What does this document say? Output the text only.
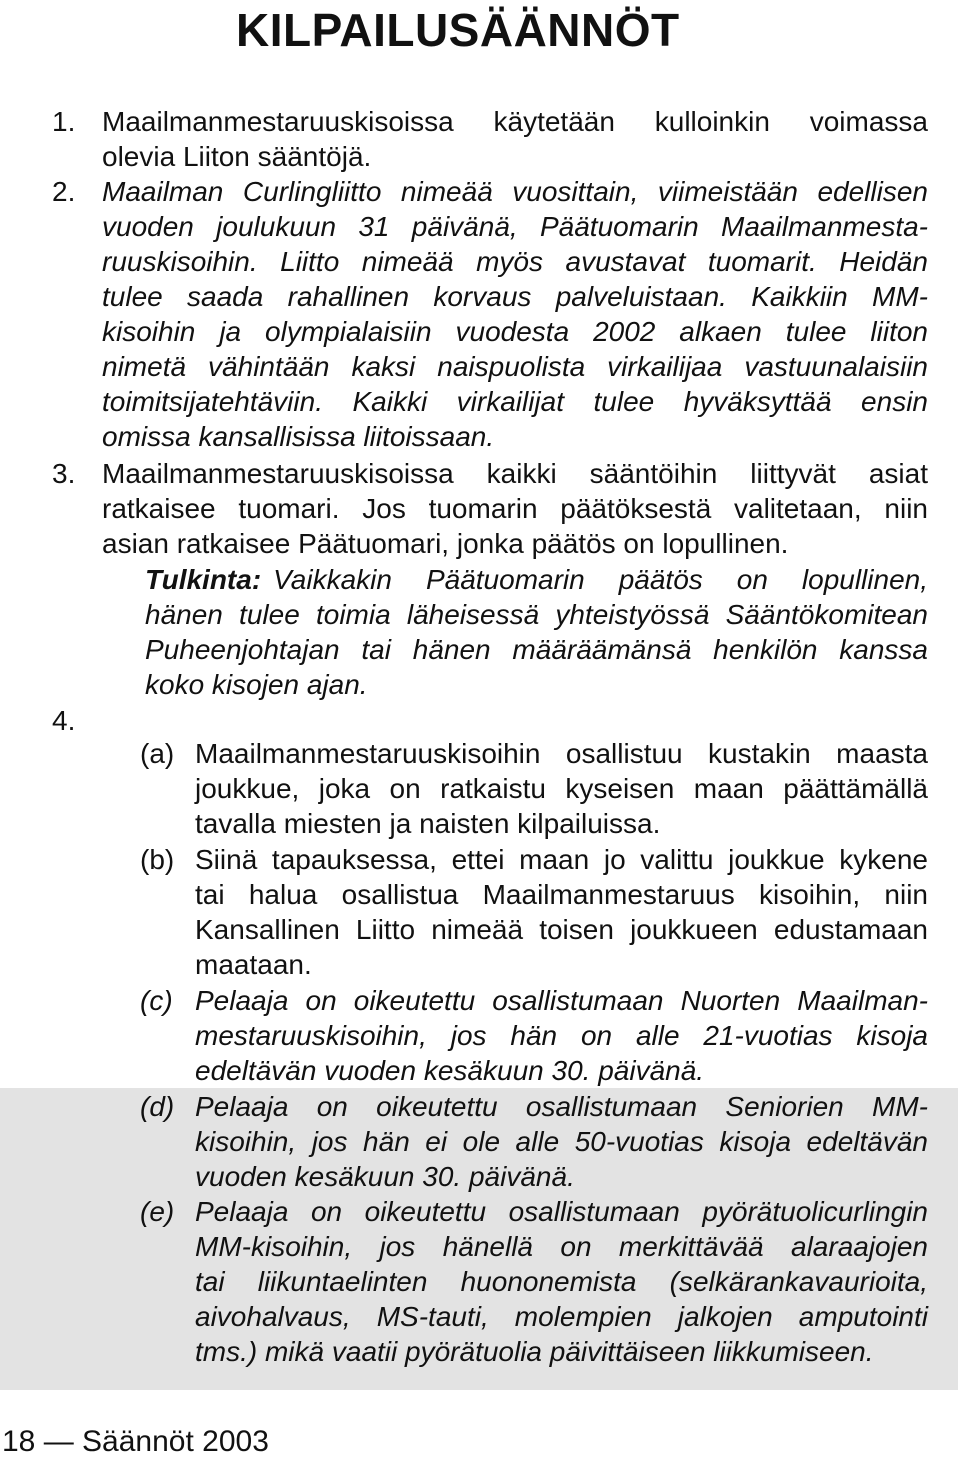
KILPAILUSÄÄNNÖT
1. Maailmanmestaruuskisoissa käytetään kulloinkin voimassa
olevia Liiton sääntöjä.
2. Maailman Curlingliitto nimeää vuosittain, viimeistään edellisen
vuoden joulukuun 31 päivänä, Päätuomarin Maailmanmesta-
ruuskisoihin. Liitto nimeää myös avustavat tuomarit. Heidän
tulee saada rahallinen korvaus palveluistaan. Kaikkiin MM-
kisoihin ja olympialaisiin vuodesta 2002 alkaen tulee liiton
nimetä vähintään kaksi naispuolista virkailijaa vastuunalaisiin
toimitsijatehtäviin. Kaikki virkailijat tulee hyväksyttää ensin
omissa kansallisissa liitoissaan.
3. Maailmanmestaruuskisoissa kaikki sääntöihin liittyvät asiat
ratkaisee tuomari. Jos tuomarin päätöksestä valitetaan, niin
asian ratkaisee Päätuomari, jonka päätös on lopullinen.
Tulkinta: Vaikkakin Päätuomarin päätös on lopullinen,
hänen tulee toimia läheisessä yhteistyössä Sääntökomitean
Puheenjohtajan tai hänen määräämänsä henkilön kanssa
koko kisojen ajan.
4.
(a) Maailmanmestaruuskisoihin osallistuu kustakin maasta
joukkue, joka on ratkaistu kyseisen maan päättämällä
tavalla miesten ja naisten kilpailuissa.
(b) Siinä tapauksessa, ettei maan jo valittu joukkue kykene
tai halua osallistua Maailmanmestaruus kisoihin, niin
Kansallinen Liitto nimeää toisen joukkueen edustamaan
maataan.
(c) Pelaaja on oikeutettu osallistumaan Nuorten Maailman-
mestaruuskisoihin, jos hän on alle 21-vuotias kisoja
edeltävän vuoden kesäkuun 30. päivänä.
(d) Pelaaja on oikeutettu osallistumaan Seniorien MM-
kisoihin, jos hän ei ole alle 50-vuotias kisoja edeltävän
vuoden kesäkuun 30. päivänä.
(e) Pelaaja on oikeutettu osallistumaan pyörätuolicurlingin
MM-kisoihin, jos hänellä on merkittävää alaraajojen
tai liikuntaelinten huononemista (selkärankavaurioita,
aivohalvaus, MS-tauti, molempien jalkojen amputointi
tms.) mikä vaatii pyörätuolia päivittäiseen liikkumiseen.
18 — Säännöt 2003
